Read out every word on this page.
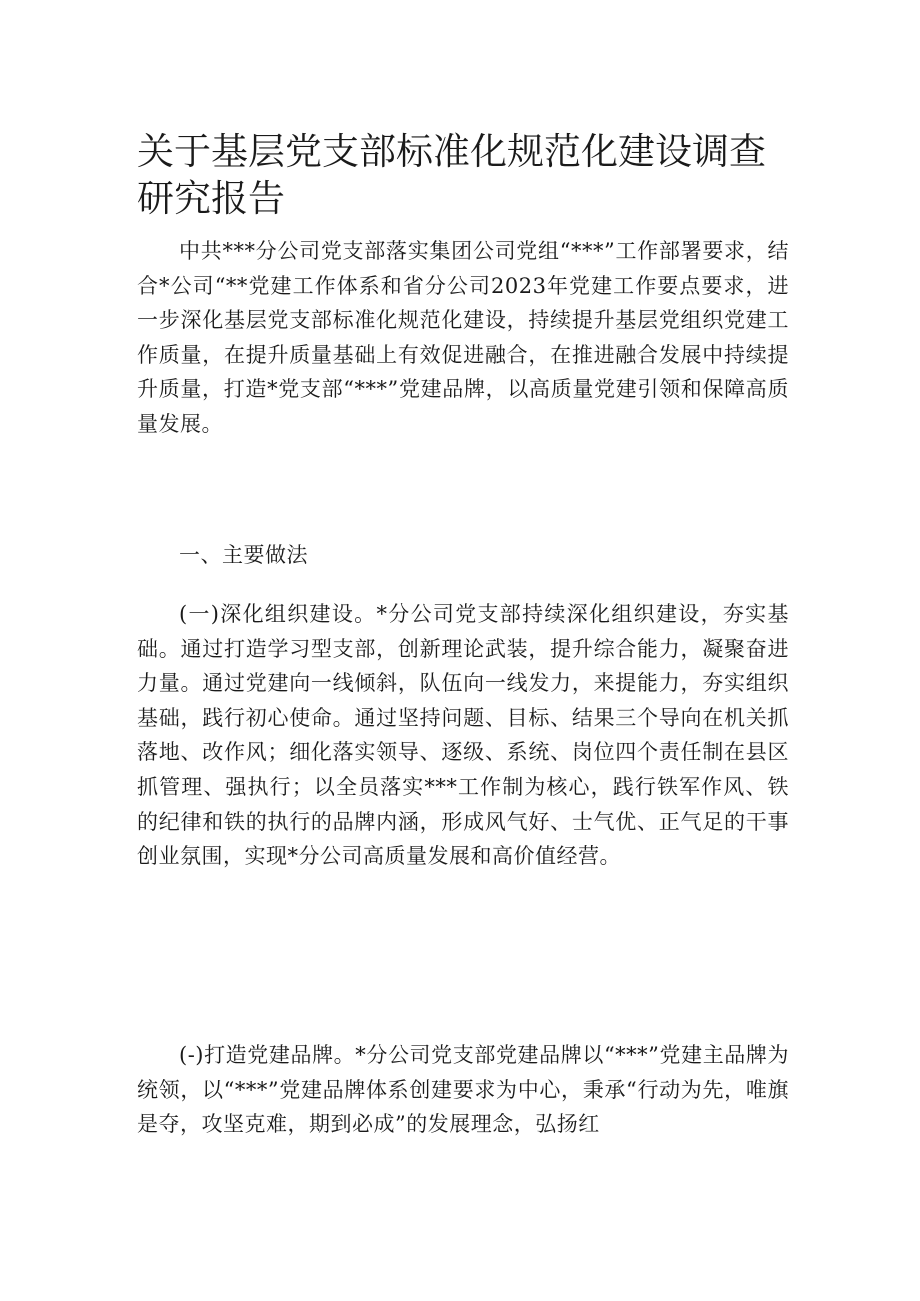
关于基层党支部标准化规范化建设调查研究报告

中共***分公司党支部落实集团公司党组“***”工作部署要求，结合*公司“**党建工作体系和省分公司2023年党建工作要点要求，进一步深化基层党支部标准化规范化建设，持续提升基层党组织党建工作质量，在提升质量基础上有效促进融合，在推进融合发展中持续提升质量，打造*党支部“***”党建品牌，以高质量党建引领和保障高质量发展。

一、主要做法

(一)深化组织建设。*分公司党支部持续深化组织建设，夯实基础。通过打造学习型支部，创新理论武装，提升综合能力，凝聚奋进力量。通过党建向一线倾斜，队伍向一线发力，来提能力，夯实组织基础，践行初心使命。通过坚持问题、目标、结果三个导向在机关抓落地、改作风；细化落实领导、逐级、系统、岗位四个责任制在县区抓管理、强执行；以全员落实***工作制为核心，践行铁军作风、铁的纪律和铁的执行的品牌内涵，形成风气好、士气优、正气足的干事创业氛围，实现*分公司高质量发展和高价值经营。

(-)打造党建品牌。*分公司党支部党建品牌以“***”党建主品牌为统领，以“***”党建品牌体系创建要求为中心，秉承“行动为先，唯旗是夺，攻坚克难，期到必成”的发展理念，弘扬红
